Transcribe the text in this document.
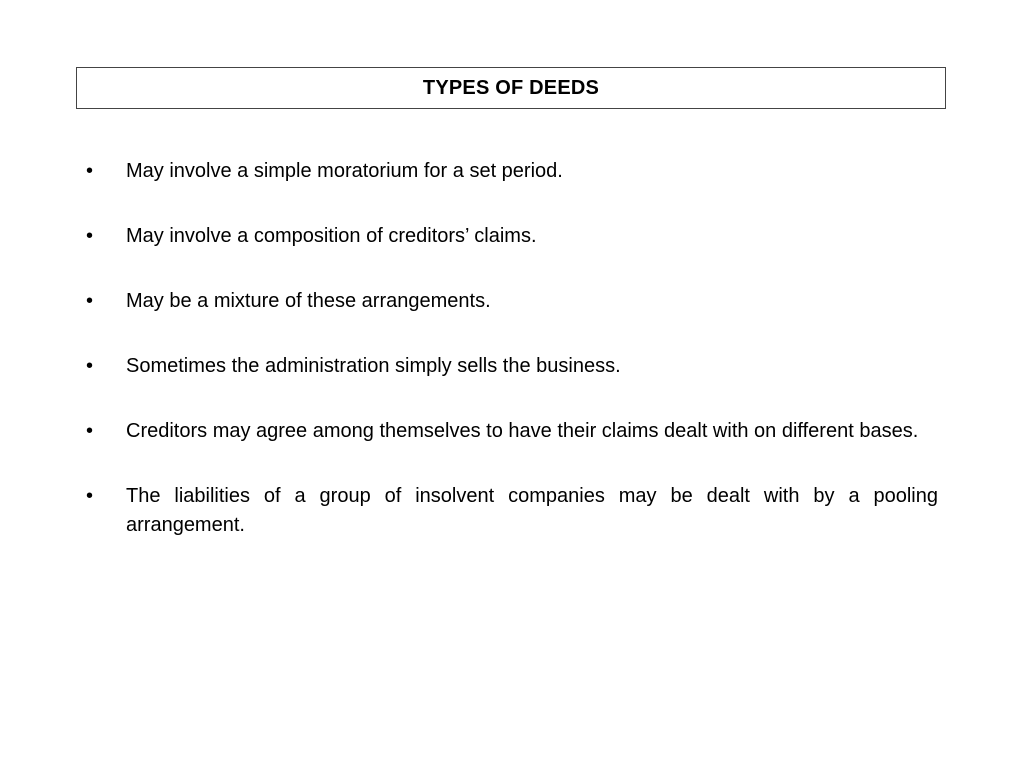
TYPES OF DEEDS
•	May involve a simple moratorium for a set period.
•	May involve a composition of creditors’ claims.
•	May be a mixture of these arrangements.
•	Sometimes the administration simply sells the business.
•	Creditors may agree among themselves to have their claims dealt with on different bases.
•	The liabilities of a group of insolvent companies may be dealt with by a pooling arrangement.
